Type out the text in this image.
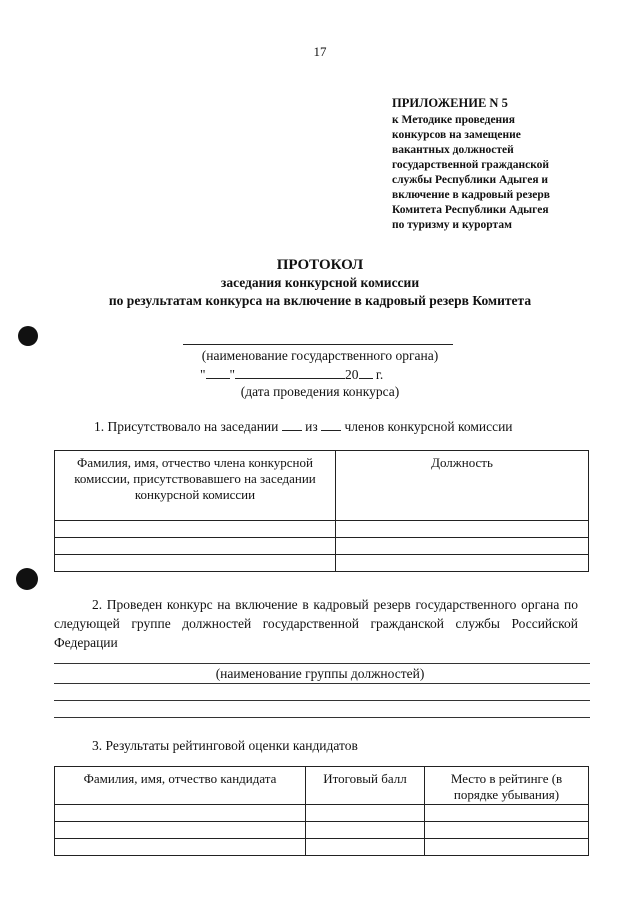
17
ПРИЛОЖЕНИЕ N 5
к Методике проведения
конкурсов на замещение
вакантных должностей
государственной гражданской
службы Республики Адыгея и
включение в кадровый резерв
Комитета Республики Адыгея
по туризму и курортам
ПРОТОКОЛ
заседания конкурсной комиссии
по результатам конкурса на включение в кадровый резерв Комитета
(наименование государственного органа)
" "	20 г.
(дата проведения конкурса)
1. Присутствовало на заседании из членов конкурсной комиссии
Фамилия, имя, отчество члена конкурсной комиссии, присутствовавшего на заседании конкурсной комиссии	Должность

2. Проведен конкурс на включение в кадровый резерв государственного органа по следующей группе должностей государственной гражданской службы Российской Федерации
(наименование группы должностей)
3. Результаты рейтинговой оценки кандидатов
Фамилия, имя, отчество кандидата	Итоговый балл	Место в рейтинге (в порядке убывания)
